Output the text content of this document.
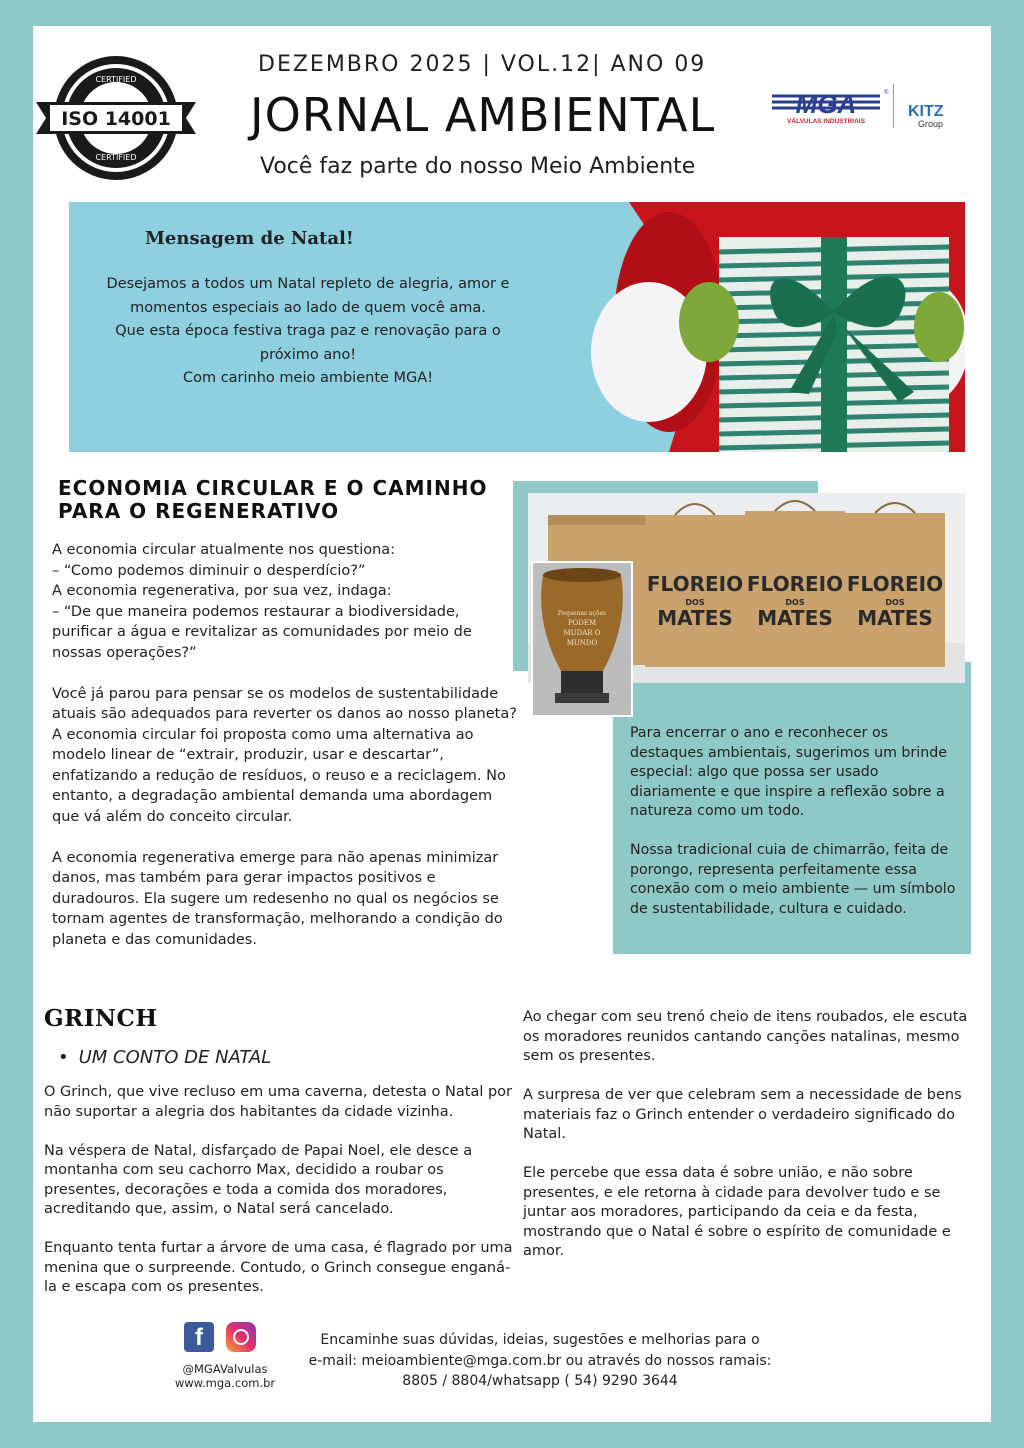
CERTIFIED
CERTIFIED
ISO 14001
DEZEMBRO 2025 | VOL.12| ANO 09
JORNAL AMBIENTAL
Você faz parte do nosso Meio Ambiente
MGA
VÁLVULAS INDUSTRIAIS
®
KITZ
Group
Mensagem de Natal!
Desejamos a todos um Natal repleto de alegria, amor e
momentos especiais ao lado de quem você ama.
Que esta época festiva traga paz e renovação para o
próximo ano!
Com carinho meio ambiente MGA!
ECONOMIA CIRCULAR E O CAMINHO PARA O REGENERATIVO

A economia circular atualmente nos questiona:
– “Como podemos diminuir o desperdício?”
A economia regenerativa, por sua vez, indaga:
– “De que maneira podemos restaurar a biodiversidade, purificar a água e revitalizar as comunidades por meio de nossas operações?”

Você já parou para pensar se os modelos de sustentabilidade atuais são adequados para reverter os danos ao nosso planeta? A economia circular foi proposta como uma alternativa ao modelo linear de “extrair, produzir, usar e descartar”, enfatizando a redução de resíduos, o reuso e a reciclagem. No entanto, a degradação ambiental demanda uma abordagem que vá além do conceito circular.

A economia regenerativa emerge para não apenas minimizar danos, mas também para gerar impactos positivos e duradouros. Ela sugere um redesenho no qual os negócios se tornam agentes de transformação, melhorando a condição do planeta e das comunidades.

FLOREIO
DOS
MATES
FLOREIO
DOS
MATES
FLOREIO
DOS
MATES
Pequenas ações
PODEM
MUDAR O
MUNDO

Para encerrar o ano e reconhecer os destaques ambientais, sugerimos um brinde especial: algo que possa ser usado diariamente e que inspire a reflexão sobre a natureza como um todo.

Nossa tradicional cuia de chimarrão, feita de porongo, representa perfeitamente essa conexão com o meio ambiente — um símbolo de sustentabilidade, cultura e cuidado.

GRINCH
• UM CONTO DE NATAL

O Grinch, que vive recluso em uma caverna, detesta o Natal por não suportar a alegria dos habitantes da cidade vizinha.

Na véspera de Natal, disfarçado de Papai Noel, ele desce a montanha com seu cachorro Max, decidido a roubar os presentes, decorações e toda a comida dos moradores, acreditando que, assim, o Natal será cancelado.

Enquanto tenta furtar a árvore de uma casa, é flagrado por uma menina que o surpreende. Contudo, o Grinch consegue enganá-la e escapa com os presentes.

Ao chegar com seu trenó cheio de itens roubados, ele escuta os moradores reunidos cantando canções natalinas, mesmo sem os presentes.

A surpresa de ver que celebram sem a necessidade de bens materiais faz o Grinch entender o verdadeiro significado do Natal.

Ele percebe que essa data é sobre união, e não sobre presentes, e ele retorna à cidade para devolver tudo e se juntar aos moradores, participando da ceia e da festa, mostrando que o Natal é sobre o espírito de comunidade e amor.

f
@MGAValvulas
www.mga.com.br
Encaminhe suas dúvidas, ideias, sugestões e melhorias para o
e-mail: meioambiente@mga.com.br ou através do nossos ramais:
8805 / 8804/whatsapp ( 54) 9290 3644
